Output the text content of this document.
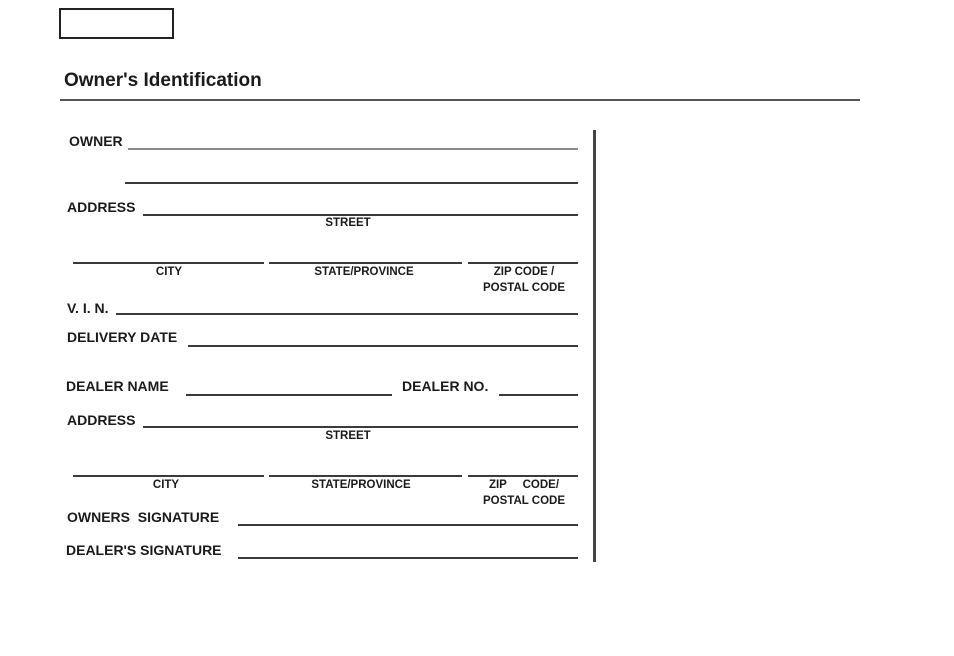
Owner's Identification
OWNER
ADDRESS
STREET
CITY	STATE/PROVINCE	ZIP CODE /
POSTAL CODE
V. I. N.
DELIVERY DATE
DEALER NAME	DEALER NO.
ADDRESS
STREET
CITY	STATE/PROVINCE	ZIP     CODE/
POSTAL CODE
OWNERS  SIGNATURE
DEALER'S SIGNATURE
